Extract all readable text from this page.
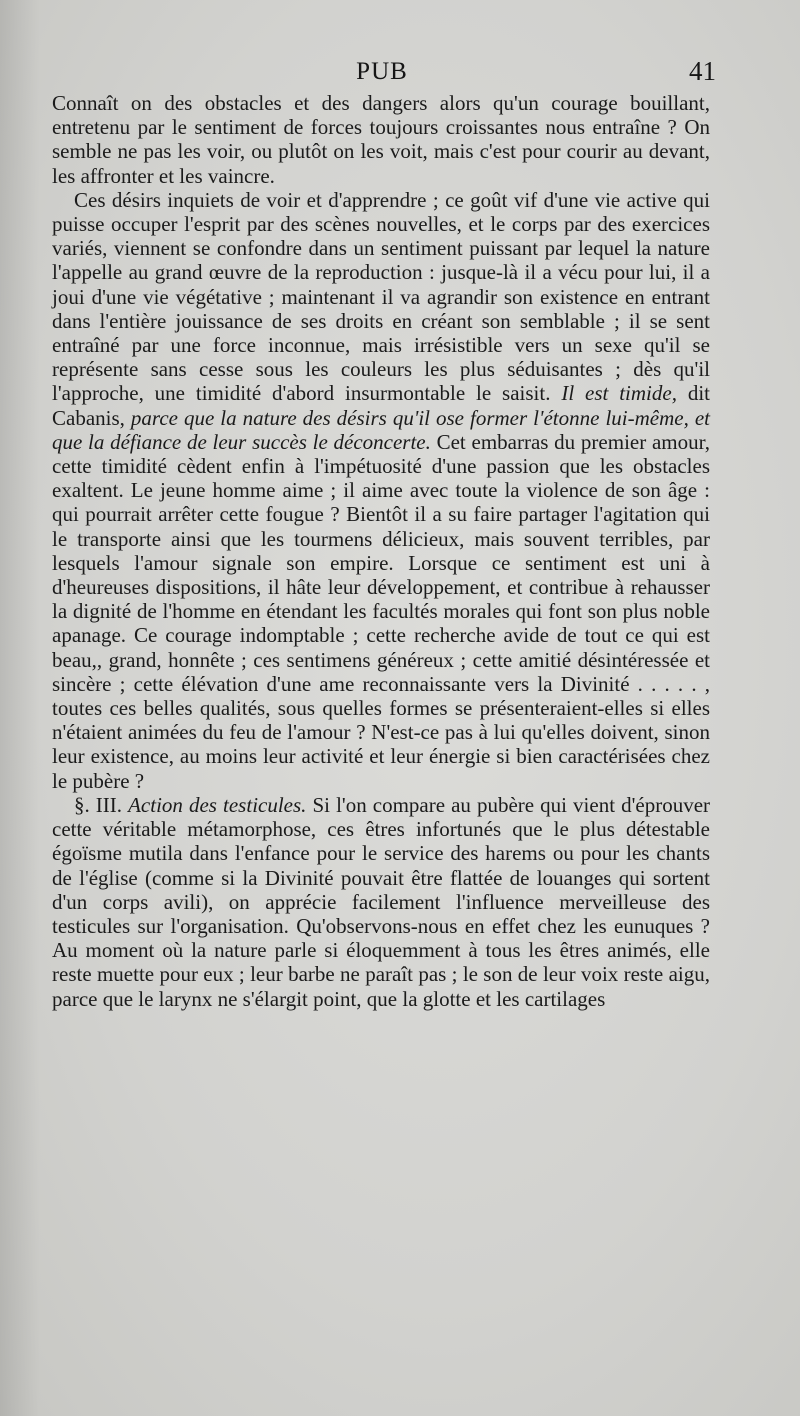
PUB	41

Connaît on des obstacles et des dangers alors qu'un courage bouillant, entretenu par le sentiment de forces toujours croissantes nous entraîne ? On semble ne pas les voir, ou plutôt on les voit, mais c'est pour courir au devant, les affronter et les vaincre.

Ces désirs inquiets de voir et d'apprendre ; ce goût vif d'une vie active qui puisse occuper l'esprit par des scènes nouvelles, et le corps par des exercices variés, viennent se confondre dans un sentiment puissant par lequel la nature l'appelle au grand œuvre de la reproduction : jusque-là il a vécu pour lui, il a joui d'une vie végétative ; maintenant il va agrandir son existence en entrant dans l'entière jouissance de ses droits en créant son semblable ; il se sent entraîné par une force inconnue, mais irrésistible vers un sexe qu'il se représente sans cesse sous les couleurs les plus séduisantes ; dès qu'il l'approche, une timidité d'abord insurmontable le saisit. Il est timide, dit Cabanis, parce que la nature des désirs qu'il ose former l'étonne lui-même, et que la défiance de leur succès le déconcerte. Cet embarras du premier amour, cette timidité cèdent enfin à l'impétuosité d'une passion que les obstacles exaltent. Le jeune homme aime ; il aime avec toute la violence de son âge : qui pourrait arrêter cette fougue ? Bientôt il a su faire partager l'agitation qui le transporte ainsi que les tourmens délicieux, mais souvent terribles, par lesquels l'amour signale son empire. Lorsque ce sentiment est uni à d'heureuses dispositions, il hâte leur développement, et contribue à rehausser la dignité de l'homme en étendant les facultés morales qui font son plus noble apanage. Ce courage indomptable ; cette recherche avide de tout ce qui est beau,, grand, honnête ; ces sentimens généreux ; cette amitié désintéressée et sincère ; cette élévation d'une ame reconnaissante vers la Divinité . . . . . , toutes ces belles qualités, sous quelles formes se présenteraient-elles si elles n'étaient animées du feu de l'amour ? N'est-ce pas à lui qu'elles doivent, sinon leur existence, au moins leur activité et leur énergie si bien caractérisées chez le pubère ?

§. III. Action des testicules. Si l'on compare au pubère qui vient d'éprouver cette véritable métamorphose, ces êtres infortunés que le plus détestable égoïsme mutila dans l'enfance pour le service des harems ou pour les chants de l'église (comme si la Divinité pouvait être flattée de louanges qui sortent d'un corps avili), on apprécie facilement l'influence merveilleuse des testicules sur l'organisation. Qu'observons-nous en effet chez les eunuques ? Au moment où la nature parle si éloquemment à tous les êtres animés, elle reste muette pour eux ; leur barbe ne paraît pas ; le son de leur voix reste aigu, parce que le larynx ne s'élargit point, que la glotte et les cartilages
